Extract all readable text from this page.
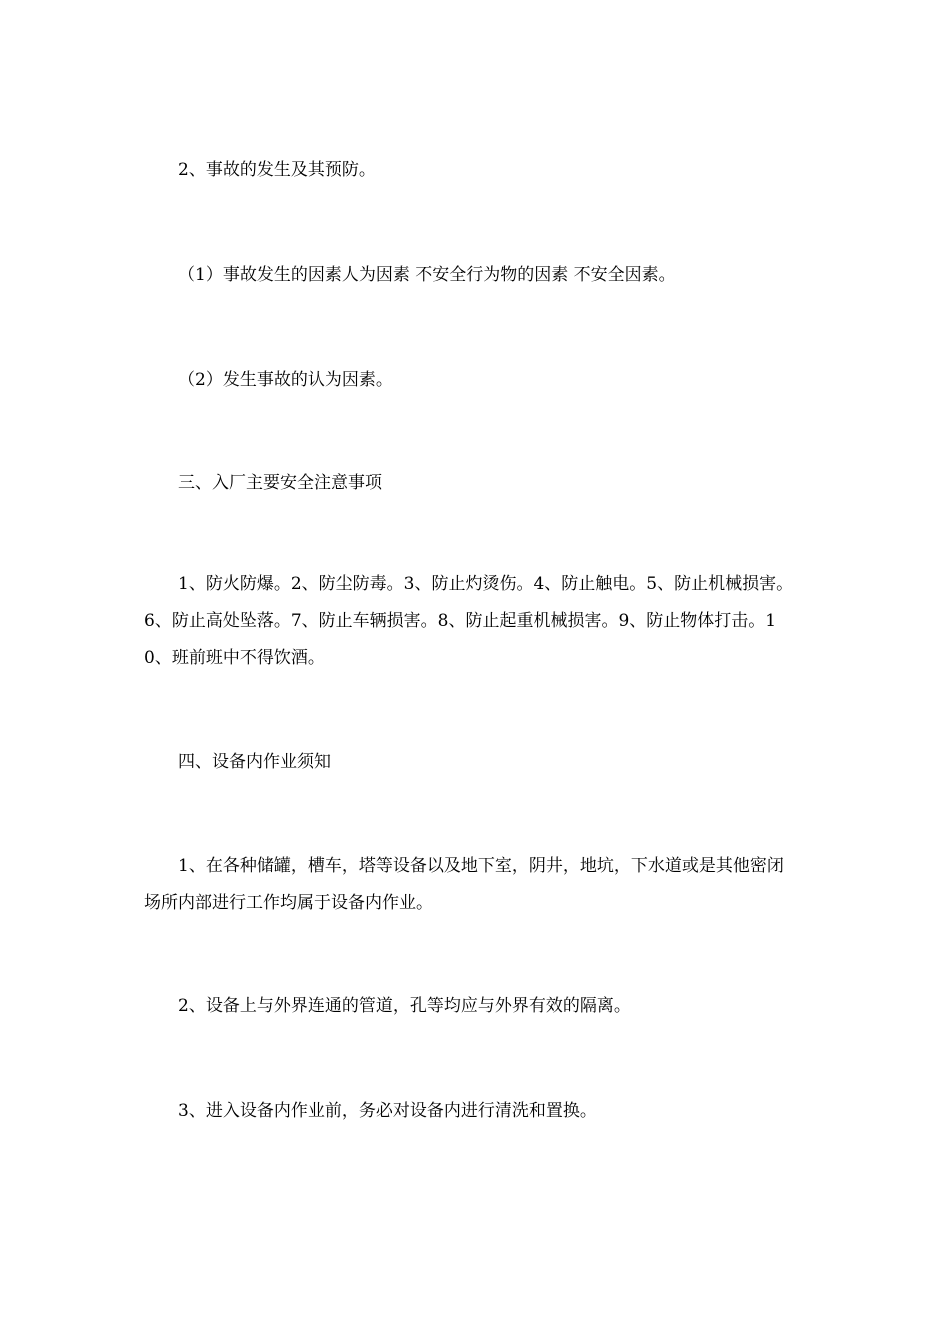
2、事故的发生及其预防。

（1）事故发生的因素人为因素 不安全行为物的因素 不安全因素。

（2）发生事故的认为因素。

三、入厂主要安全注意事项

1、防火防爆。2、防尘防毒。3、防止灼烫伤。4、防止触电。5、防止机械损害。6、防止高处坠落。7、防止车辆损害。8、防止起重机械损害。9、防止物体打击。10、班前班中不得饮酒。

四、设备内作业须知

1、在各种储罐，槽车，塔等设备以及地下室，阴井，地坑，下水道或是其他密闭场所内部进行工作均属于设备内作业。

2、设备上与外界连通的管道，孔等均应与外界有效的隔离。

3、进入设备内作业前，务必对设备内进行清洗和置换。
